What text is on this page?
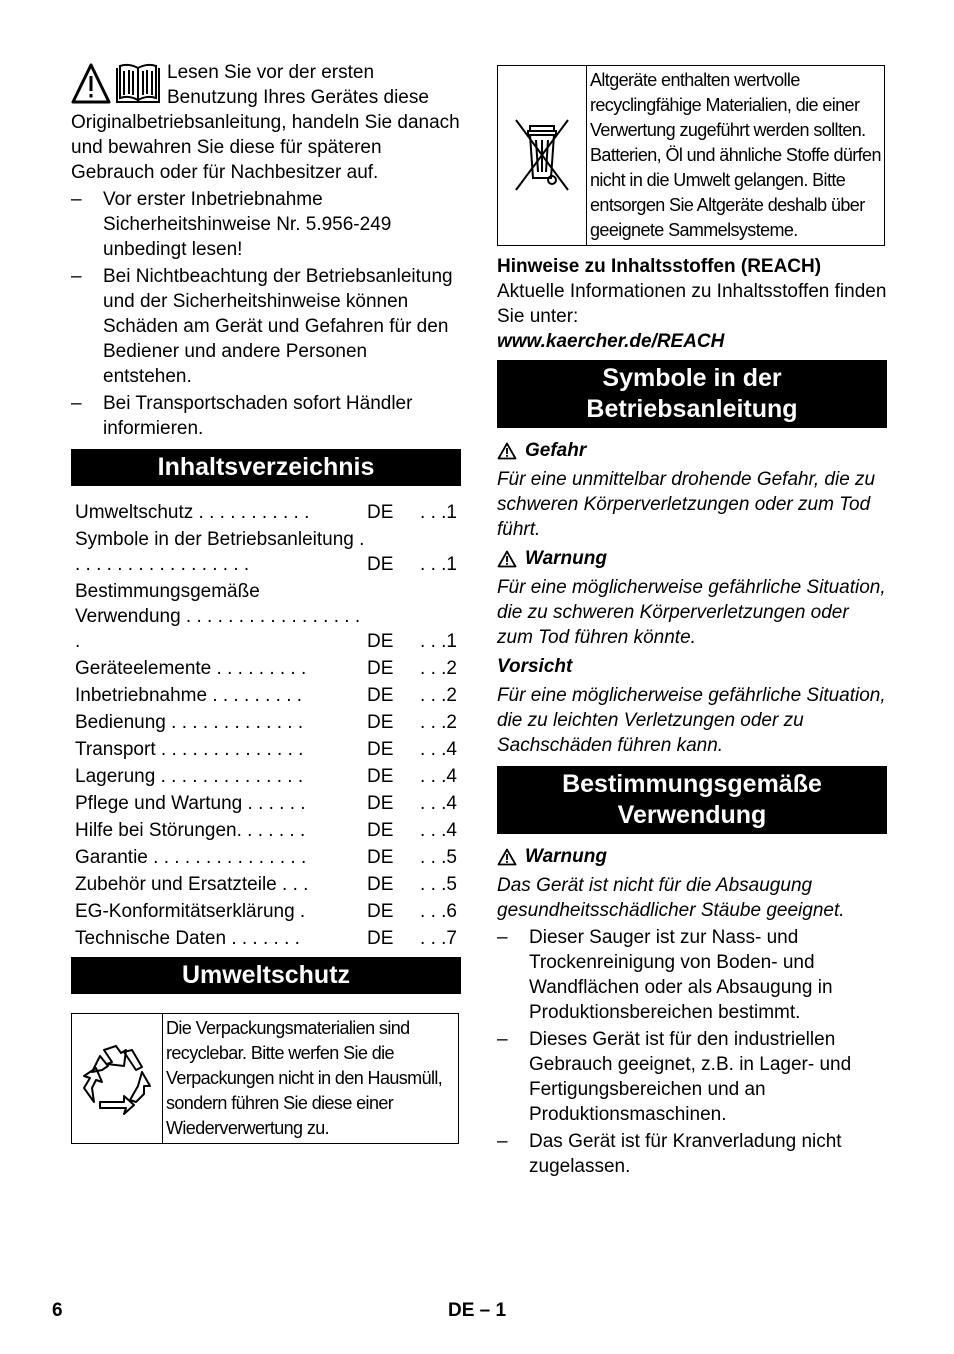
Lesen Sie vor der ersten Benutzung Ihres Gerätes diese Originalbetriebsanleitung, handeln Sie danach und bewahren Sie diese für späteren Gebrauch oder für Nachbesitzer auf.

– Vor erster Inbetriebnahme Sicherheitshinweise Nr. 5.956-249 unbedingt lesen!
– Bei Nichtbeachtung der Betriebsanleitung und der Sicherheitshinweise können Schäden am Gerät und Gefahren für den Bediener und andere Personen entstehen.
– Bei Transportschaden sofort Händler informieren.
Inhaltsverzeichnis
Umweltschutz . . . . . . . . . . .	DE	. . .1
Symbole in der Betriebsanleitung . . . . . . . . . . . . . . . . . .	DE	. . .1
Bestimmungsgemäße Verwendung . . . . . . . . . . . . . . . . . .	DE	. . .1
Geräteelemente . . . . . . . . .	DE	. . .2
Inbetriebnahme . . . . . . . . .	DE	. . .2
Bedienung . . . . . . . . . . . . .	DE	. . .2
Transport . . . . . . . . . . . . . .	DE	. . .4
Lagerung . . . . . . . . . . . . . .	DE	. . .4
Pflege und Wartung . . . . . .	DE	. . .4
Hilfe bei Störungen. . . . . . .	DE	. . .4
Garantie . . . . . . . . . . . . . . .	DE	. . .5
Zubehör und Ersatzteile . . .	DE	. . .5
EG-Konformitätserklärung .	DE	. . .6
Technische Daten . . . . . . .	DE	. . .7
Umweltschutz
Die Verpackungsmaterialien sind recyclebar. Bitte werfen Sie die Verpackungen nicht in den Hausmüll, sondern führen Sie diese einer Wiederverwertung zu.
Altgeräte enthalten wertvolle recyclingfähige Materialien, die einer Verwertung zugeführt werden sollten. Batterien, Öl und ähnliche Stoffe dürfen nicht in die Umwelt gelangen. Bitte entsorgen Sie Altgeräte deshalb über geeignete Sammelsysteme.

Hinweise zu Inhaltsstoffen (REACH)

Aktuelle Informationen zu Inhaltsstoffen finden Sie unter:

www.kaercher.de/REACH

Symbole in der
Betriebsanleitung
Gefahr

Für eine unmittelbar drohende Gefahr, die zu schweren Körperverletzungen oder zum Tod führt.

Warnung

Für eine möglicherweise gefährliche Situation, die zu schweren Körperverletzungen oder zum Tod führen könnte.

Vorsicht

Für eine möglicherweise gefährliche Situation, die zu leichten Verletzungen oder zu Sachschäden führen kann.

Bestimmungsgemäße
Verwendung
Warnung

Das Gerät ist nicht für die Absaugung gesundheitsschädlicher Stäube geeignet.

– Dieser Sauger ist zur Nass- und Trockenreinigung von Boden- und Wandflächen oder als Absaugung in Produktionsbereichen bestimmt.
– Dieses Gerät ist für den industriellen Gebrauch geeignet, z.B. in Lager- und Fertigungsbereichen und an Produktionsmaschinen.
– Das Gerät ist für Kranverladung nicht zugelassen.
6	DE – 1
